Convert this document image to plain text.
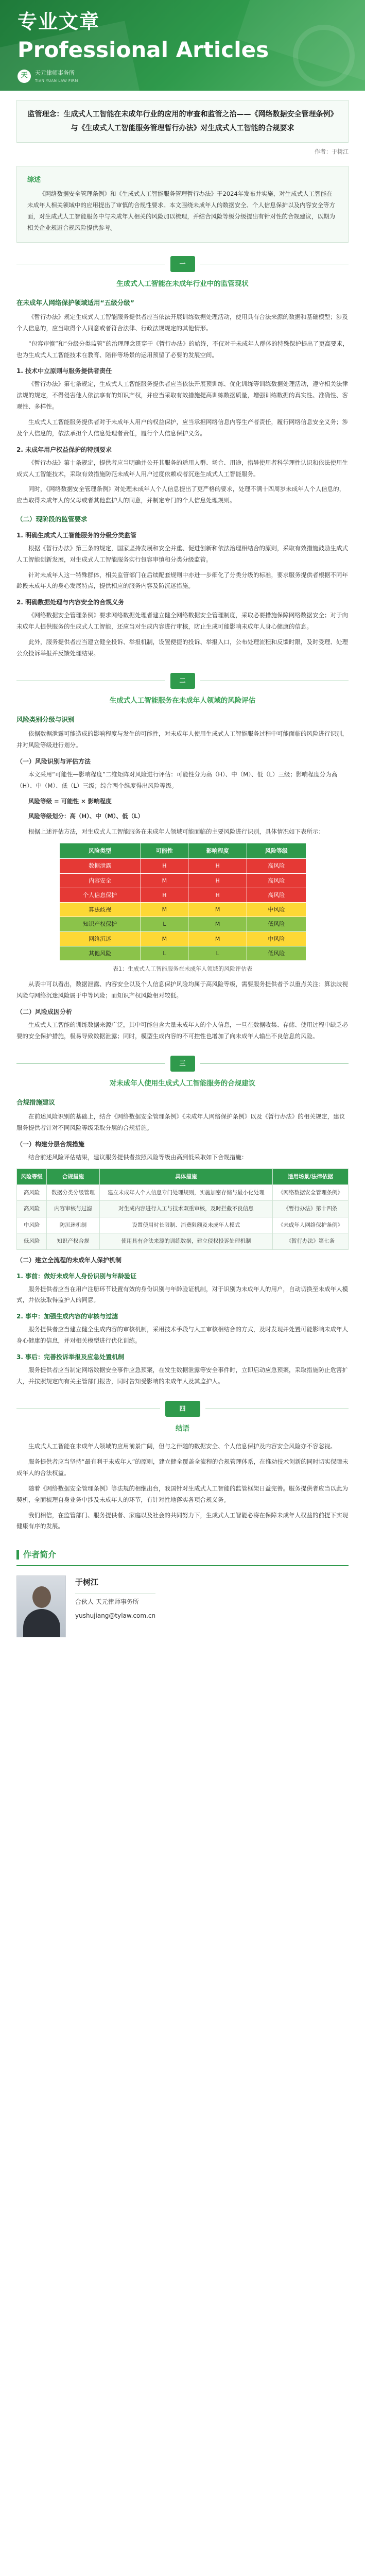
专业文章
Professional Articles
天	天元律师事务所
TIAN YUAN LAW FIRM
监管理念：生成式人工智能在未成年行业的应用的审查和监管之治——《网络数据安全管理条例》与《生成式人工智能服务管理暂行办法》对生成式人工智能的合规要求
作者：于树江
综述

《网络数据安全管理条例》和《生成式人工智能服务管理暂行办法》于2024年发布并实施，对生成式人工智能在未成年人相关领域中的应用提出了审慎的合规性要求。本文围绕未成年人的数据安全、个人信息保护以及内容安全等方面，对生成式人工智能服务中与未成年人相关的风险加以梳理，并结合风险等级分级提出有针对性的合规建议，以期为相关企业规避合规风险提供参考。

一
生成式人工智能在未成年行业中的监管现状
在未成年人网络保护领域适用“五级分级”

《暂行办法》规定生成式人工智能服务提供者应当依法开展训练数据处理活动，使用具有合法来源的数据和基础模型；涉及个人信息的，应当取得个人同意或者符合法律、行政法规规定的其他情形。

“包容审慎”和“分级分类监管”的治理理念贯穿于《暂行办法》的始终，不仅对于未成年人群体的特殊保护提出了更高要求，也为生成式人工智能技术在教育、陪伴等场景的运用预留了必要的发展空间。

1. 技术中立原则与服务提供者责任

《暂行办法》第七条规定，生成式人工智能服务提供者应当依法开展预训练、优化训练等训练数据处理活动，遵守相关法律法规的规定，不得侵害他人依法享有的知识产权，并应当采取有效措施提高训练数据质量，增强训练数据的真实性、准确性、客观性、多样性。

生成式人工智能服务提供者对于未成年人用户的权益保护，应当承担网络信息内容生产者责任，履行网络信息安全义务；涉及个人信息的，依法承担个人信息处理者责任，履行个人信息保护义务。

2. 未成年用户权益保护的特别要求

《暂行办法》第十条规定，提供者应当明确并公开其服务的适用人群、场合、用途，指导使用者科学理性认识和依法使用生成式人工智能技术，采取有效措施防范未成年人用户过度依赖或者沉迷生成式人工智能服务。

同时，《网络数据安全管理条例》对处理未成年人个人信息提出了更严格的要求，处理不满十四周岁未成年人个人信息的，应当取得未成年人的父母或者其他监护人的同意，并制定专门的个人信息处理规则。

（二）现阶段的监管要求
1. 明确生成式人工智能服务的分级分类监管

根据《暂行办法》第三条的规定，国家坚持发展和安全并重、促进创新和依法治理相结合的原则，采取有效措施鼓励生成式人工智能创新发展，对生成式人工智能服务实行包容审慎和分类分级监管。

针对未成年人这一特殊群体，相关监管部门在后续配套规则中亦进一步细化了分类分级的标准，要求服务提供者根据不同年龄段未成年人的身心发展特点，提供相应的服务内容及防沉迷措施。

2. 明确数据处理与内容安全的合规义务

《网络数据安全管理条例》要求网络数据处理者建立健全网络数据安全管理制度，采取必要措施保障网络数据安全；对于向未成年人提供服务的生成式人工智能，还应当对生成内容进行审核，防止生成可能影响未成年人身心健康的信息。

此外，服务提供者应当建立健全投诉、举报机制，设置便捷的投诉、举报入口，公布处理流程和反馈时限，及时受理、处理公众投诉举报并反馈处理结果。

二
生成式人工智能服务在未成年人领域的风险评估
风险类别分级与识别

依据数据泄露可能造成的影响程度与发生的可能性，对未成年人使用生成式人工智能服务过程中可能面临的风险进行识别，并对风险等级进行划分。

（一）风险识别与评估方法

本文采用“可能性—影响程度”二维矩阵对风险进行评估：可能性分为高（H）、中（M）、低（L）三级；影响程度分为高（H）、中（M）、低（L）三级；综合两个维度得出风险等级。

风险等级 = 可能性 × 影响程度

风险等级划分：高（H）、中（M）、低（L）

根据上述评估方法，对生成式人工智能服务在未成年人领域可能面临的主要风险进行识别，具体情况如下表所示：

风险类型	可能性	影响程度	风险等级
数据泄露	H	H	高风险
内容安全	M	H	高风险
个人信息保护	H	H	高风险
算法歧视	M	M	中风险
知识产权保护	L	M	低风险
网络沉迷	M	M	中风险
其他风险	L	L	低风险
表1：生成式人工智能服务在未成年人领域的风险评估表

从表中可以看出，数据泄露、内容安全以及个人信息保护风险均属于高风险等级，需要服务提供者予以重点关注；算法歧视风险与网络沉迷风险属于中等风险；而知识产权风险相对较低。

（二）风险成因分析

生成式人工智能的训练数据来源广泛，其中可能包含大量未成年人的个人信息，一旦在数据收集、存储、使用过程中缺乏必要的安全保护措施，极易导致数据泄露；同时，模型生成内容的不可控性也增加了向未成年人输出不良信息的风险。

三
对未成年人使用生成式人工智能服务的合规建议
合规措施建议

在前述风险识别的基础上，结合《网络数据安全管理条例》《未成年人网络保护条例》以及《暂行办法》的相关规定，建议服务提供者针对不同风险等级采取分层的合规措施。

（一）构建分层合规措施

结合前述风险评估结果，建议服务提供者按照风险等级由高到低采取如下合规措施：

风险等级	合规措施	具体措施	适用场景/法律依据
高风险	数据分类分级管理	建立未成年人个人信息专门处理规则，实施加密存储与最小化处理	《网络数据安全管理条例》
高风险	内容审核与过滤	对生成内容进行人工与技术双重审核，及时拦截不良信息	《暂行办法》第十四条
中风险	防沉迷机制	设置使用时长限制、消费限额及未成年人模式	《未成年人网络保护条例》
低风险	知识产权合规	使用具有合法来源的训练数据，建立侵权投诉处理机制	《暂行办法》第七条
（二）建立全流程的未成年人保护机制
1. 事前：做好未成年人身份识别与年龄验证

服务提供者应当在用户注册环节设置有效的身份识别与年龄验证机制，对于识别为未成年人的用户，自动切换至未成年人模式，并依法取得监护人的同意。

2. 事中：加强生成内容的审核与过滤

服务提供者应当建立健全生成内容的审核机制，采用技术手段与人工审核相结合的方式，及时发现并处置可能影响未成年人身心健康的信息，并对相关模型进行优化训练。

3. 事后：完善投诉举报及应急处置机制

服务提供者应当制定网络数据安全事件应急预案，在发生数据泄露等安全事件时，立即启动应急预案，采取措施防止危害扩大，并按照规定向有关主管部门报告，同时告知受影响的未成年人及其监护人。

四
结语

生成式人工智能在未成年人领域的应用前景广阔，但与之伴随的数据安全、个人信息保护及内容安全风险亦不容忽视。

服务提供者应当坚持“最有利于未成年人”的原则，建立健全覆盖全流程的合规管理体系，在推动技术创新的同时切实保障未成年人的合法权益。

随着《网络数据安全管理条例》等法规的相继出台，我国针对生成式人工智能的监管框架日益完善。服务提供者应当以此为契机，全面梳理自身业务中涉及未成年人的环节，有针对性地落实各项合规义务。

我们相信，在监管部门、服务提供者、家庭以及社会的共同努力下，生成式人工智能必将在保障未成年人权益的前提下实现健康有序的发展。

作者简介
于树江
合伙人 天元律师事务所
yushujiang@tylaw.com.cn
